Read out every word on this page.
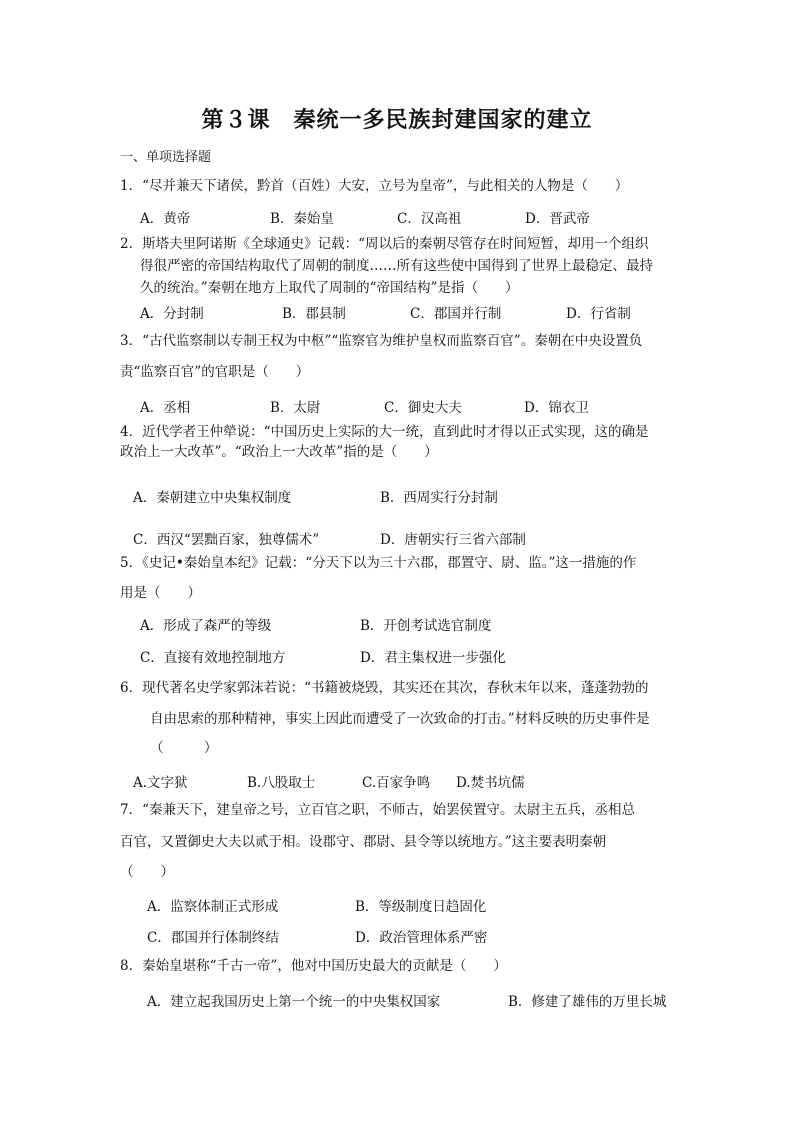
第３课　秦统一多民族封建国家的建立
一、单项选择题
1．“尽并兼天下诸侯，黔首（百姓）大安，立号为皇帝”，与此相关的人物是（　　）
A．黄帝	B．秦始皇	C．汉高祖	D．晋武帝
2．斯塔夫里阿诺斯《全球通史》记载：“周以后的秦朝尽管存在时间短暂，却用一个组织
得很严密的帝国结构取代了周朝的制度……所有这些使中国得到了世界上最稳定、最持
久的统治。”秦朝在地方上取代了周制的“帝国结构”是指（　　）
A．分封制	B．郡县制	C．郡国并行制	D．行省制
3．“古代监察制以专制王权为中枢”“监察官为维护皇权而监察百官”。秦朝在中央设置负
责“监察百官”的官职是（　　）
A．丞相	B．太尉	C．御史大夫	D．锦衣卫
4．近代学者王仲犖说：“中国历史上实际的大一统，直到此时才得以正式实现，这的确是
政治上一大改革”。“政治上一大改革”指的是（　　）
A．秦朝建立中央集权制度	B．西周实行分封制
C．西汉“罢黜百家，独尊儒术”	D．唐朝实行三省六部制
5．《史记•秦始皇本纪》记载：“分天下以为三十六郡，郡置守、尉、监。”这一措施的作
用是（　　）
A．形成了森严的等级	B．开创考试选官制度
C．直接有效地控制地方	D．君主集权进一步强化
6．现代著名史学家郭沫若说：“书籍被烧毁，其实还在其次，春秋末年以来，蓬蓬勃勃的
自由思索的那种精神，事实上因此而遭受了一次致命的打击。”材料反映的历史事件是
（　　　）
A.文字狱	B.八股取士	C.百家争鸣 D.焚书坑儒
7．“秦兼天下，建皇帝之号，立百官之职，不师古，始罢侯置守。太尉主五兵，丞相总
百官，又置御史大夫以贰于相。设郡守、郡尉、县令等以统地方。”这主要表明秦朝
（　　）
A．监察体制正式形成	B．等级制度日趋固化
C．郡国并行体制终结	D．政治管理体系严密
8．秦始皇堪称“千古一帝”，他对中国历史最大的贡献是（　　）
A．建立起我国历史上第一个统一的中央集权国家	B．修建了雄伟的万里长城
